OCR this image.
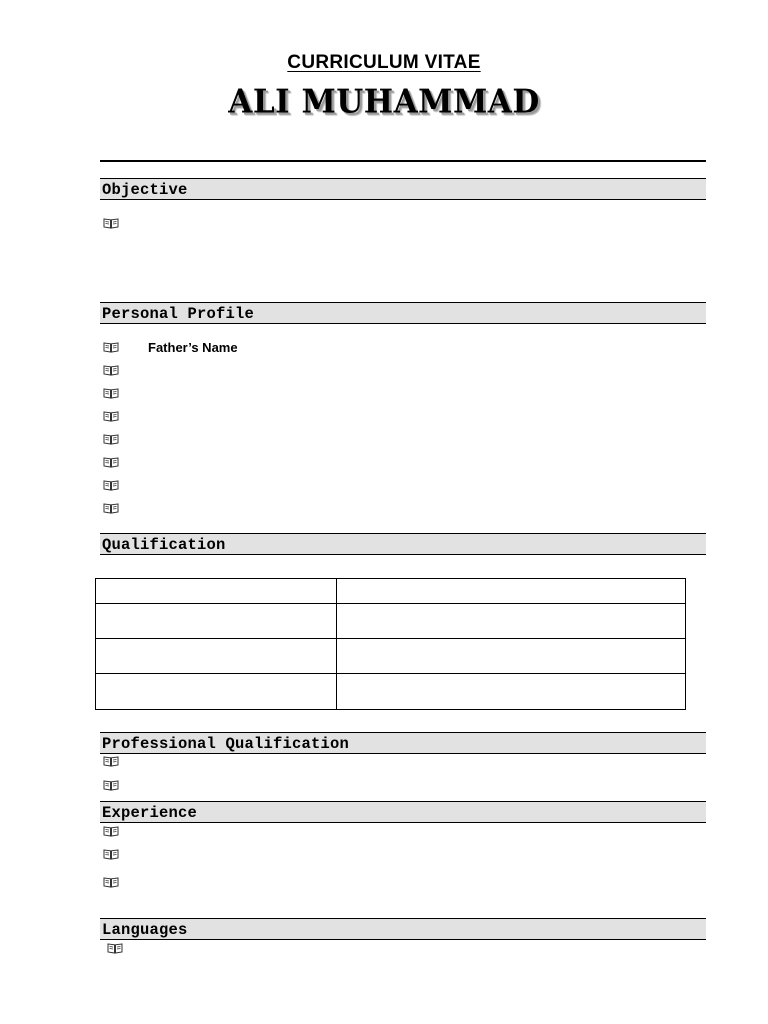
CURRICULUM VITAE
ALI MUHAMMAD
Objective
Personal Profile
Father’s Name
Qualification

Professional Qualification
Experience
Languages
